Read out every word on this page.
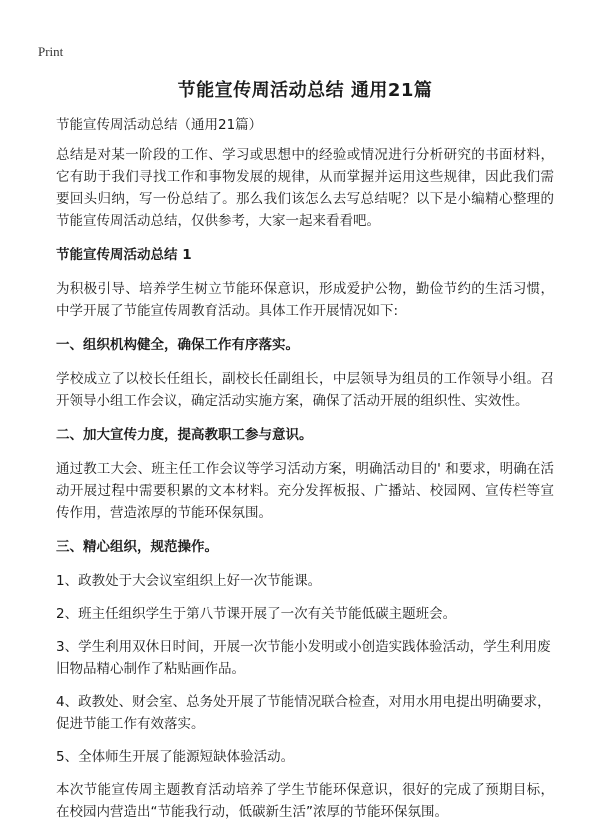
Print
节能宣传周活动总结 通用21篇
节能宣传周活动总结（通用21篇）

总结是对某一阶段的工作、学习或思想中的经验或情况进行分析研究的书面材料，它有助于我们寻找工作和事物发展的规律，从而掌握并运用这些规律，因此我们需要回头归纳，写一份总结了。那么我们该怎么去写总结呢？以下是小编精心整理的节能宣传周活动总结，仅供参考，大家一起来看看吧。

节能宣传周活动总结 1

为积极引导、培养学生树立节能环保意识，形成爱护公物，勤俭节约的生活习惯，中学开展了节能宣传周教育活动。具体工作开展情况如下:

一、组织机构健全，确保工作有序落实。

学校成立了以校长任组长，副校长任副组长，中层领导为组员的工作领导小组。召开领导小组工作会议，确定活动实施方案，确保了活动开展的组织性、实效性。

二、加大宣传力度，提高教职工参与意识。

通过教工大会、班主任工作会议等学习活动方案，明确活动目的' 和要求，明确在活动开展过程中需要积累的文本材料。充分发挥板报、广播站、校园网、宣传栏等宣传作用，营造浓厚的节能环保氛围。

三、精心组织，规范操作。
1、政教处于大会议室组织上好一次节能课。
2、班主任组织学生于第八节课开展了一次有关节能低碳主题班会。
3、学生利用双休日时间，开展一次节能小发明或小创造实践体验活动，学生利用废旧物品精心制作了粘贴画作品。
4、政教处、财会室、总务处开展了节能情况联合检查，对用水用电提出明确要求，促进节能工作有效落实。
5、全体师生开展了能源短缺体验活动。

本次节能宣传周主题教育活动培养了学生节能环保意识，很好的完成了预期目标，在校园内营造出“节能我行动，低碳新生活”浓厚的节能环保氛围。
